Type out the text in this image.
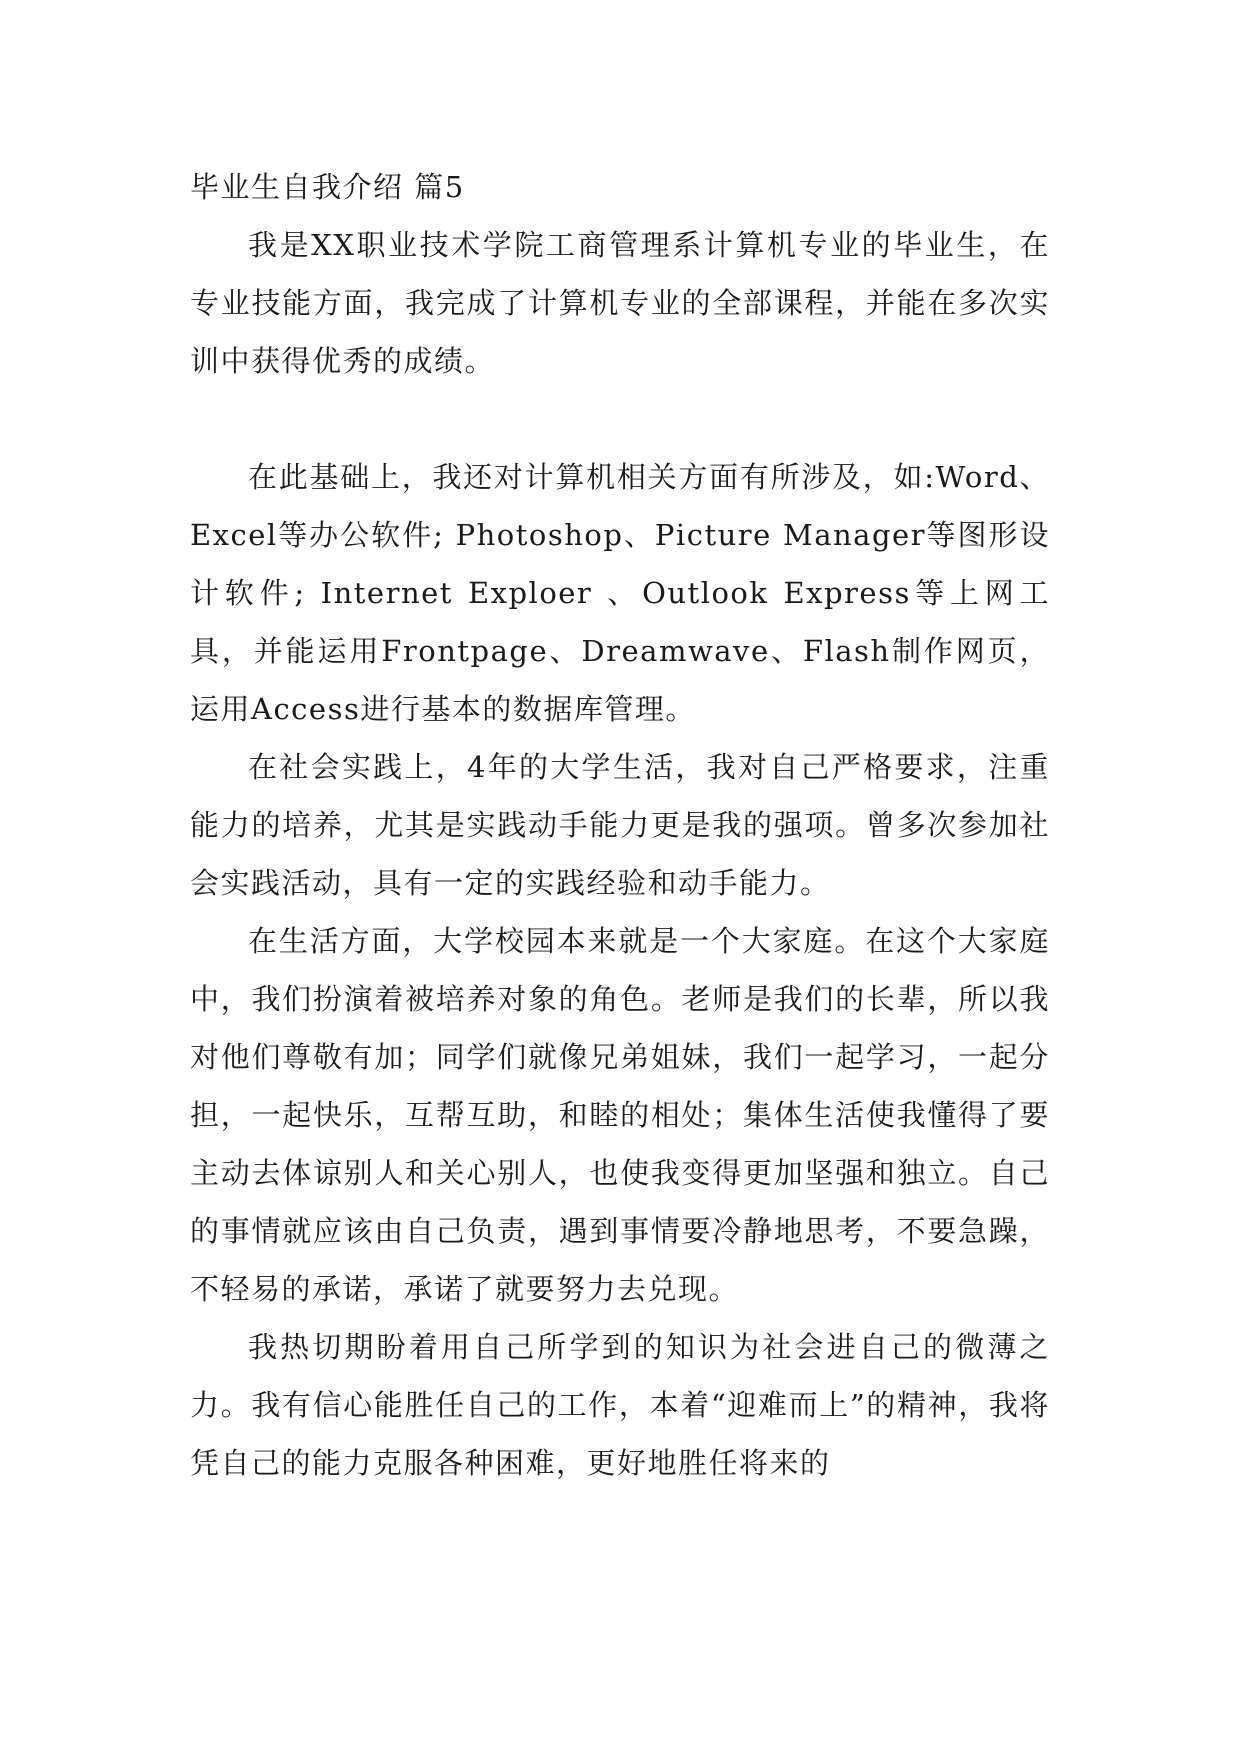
毕业生自我介绍 篇5

我是XX职业技术学院工商管理系计算机专业的毕业生，在专业技能方面，我完成了计算机专业的全部课程，并能在多次实训中获得优秀的成绩。

在此基础上，我还对计算机相关方面有所涉及，如:Word、Excel等办公软件; Photoshop、Picture Manager等图形设计软件; Internet Exploer 、Outlook Express等上网工具，并能运用Frontpage、Dreamwave、Flash制作网页，运用Access进行基本的数据库管理。

在社会实践上，4年的大学生活，我对自己严格要求，注重能力的培养，尤其是实践动手能力更是我的强项。曾多次参加社会实践活动，具有一定的实践经验和动手能力。

在生活方面，大学校园本来就是一个大家庭。在这个大家庭中，我们扮演着被培养对象的角色。老师是我们的长辈，所以我对他们尊敬有加；同学们就像兄弟姐妹，我们一起学习，一起分担，一起快乐，互帮互助，和睦的相处；集体生活使我懂得了要主动去体谅别人和关心别人，也使我变得更加坚强和独立。自己的事情就应该由自己负责，遇到事情要冷静地思考，不要急躁，不轻易的承诺，承诺了就要努力去兑现。

我热切期盼着用自己所学到的知识为社会进自己的微薄之力。我有信心能胜任自己的工作，本着“迎难而上”的精神，我将凭自己的能力克服各种困难，更好地胜任将来的
